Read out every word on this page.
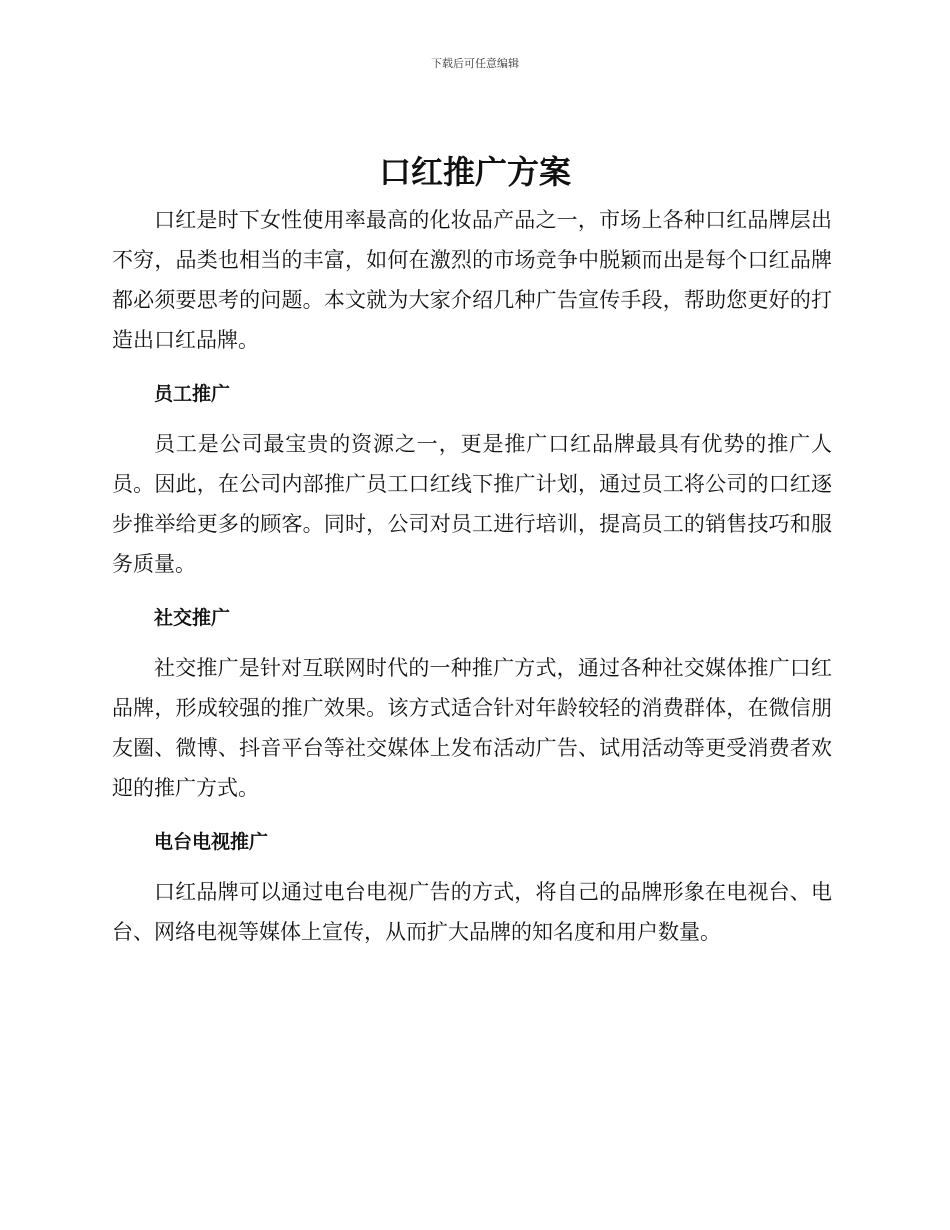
下载后可任意编辑
口红推广方案

口红是时下女性使用率最高的化妆品产品之一，市场上各种口红品牌层出不穷，品类也相当的丰富，如何在激烈的市场竞争中脱颖而出是每个口红品牌都必须要思考的问题。本文就为大家介绍几种广告宣传手段，帮助您更好的打造出口红品牌。

员工推广

员工是公司最宝贵的资源之一，更是推广口红品牌最具有优势的推广人员。因此，在公司内部推广员工口红线下推广计划，通过员工将公司的口红逐步推举给更多的顾客。同时，公司对员工进行培训，提高员工的销售技巧和服务质量。

社交推广

社交推广是针对互联网时代的一种推广方式，通过各种社交媒体推广口红品牌，形成较强的推广效果。该方式适合针对年龄较轻的消费群体，在微信朋友圈、微博、抖音平台等社交媒体上发布活动广告、试用活动等更受消费者欢迎的推广方式。

电台电视推广

口红品牌可以通过电台电视广告的方式，将自己的品牌形象在电视台、电台、网络电视等媒体上宣传，从而扩大品牌的知名度和用户数量。
